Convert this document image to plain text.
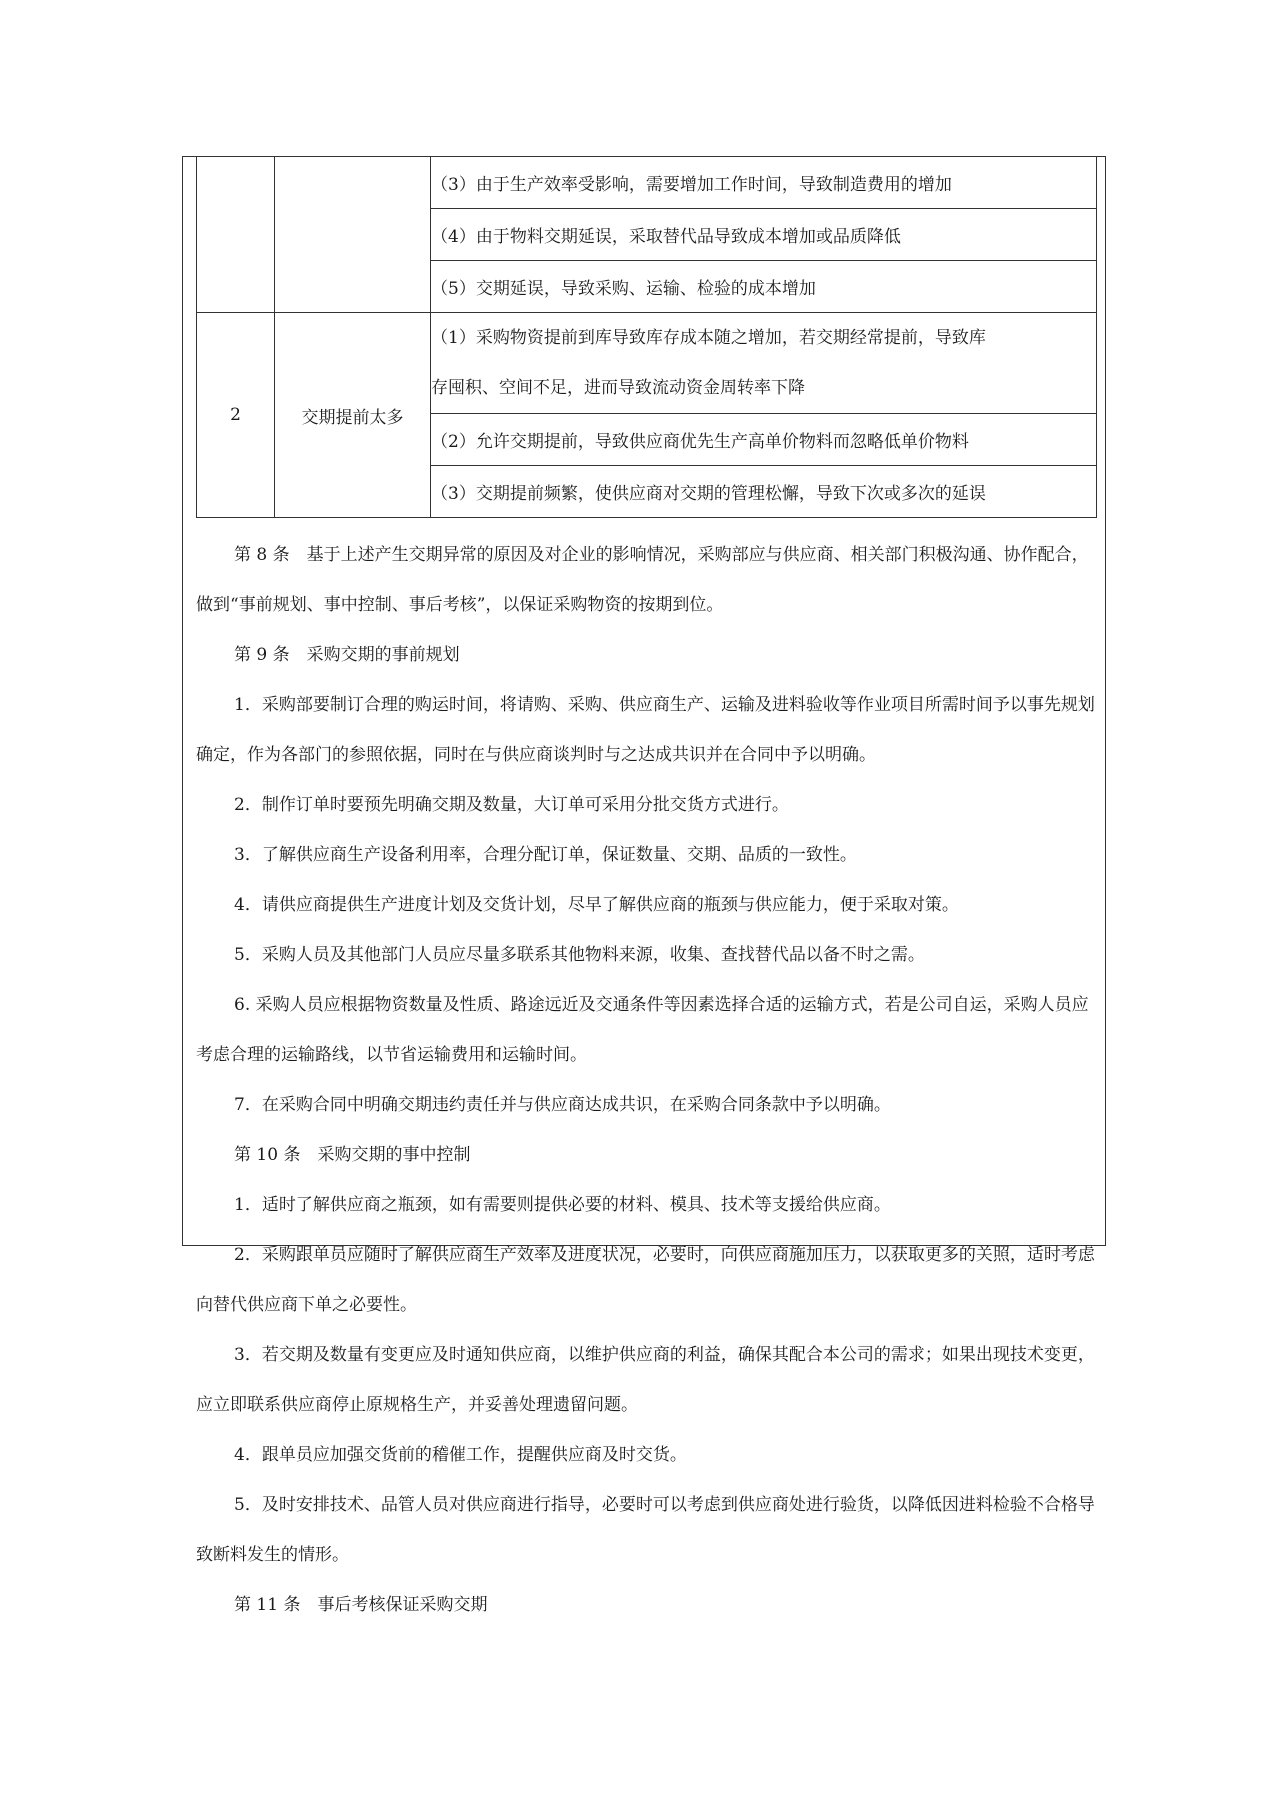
		（3）由于生产效率受影响，需要增加工作时间，导致制造费用的增加
		（4）由于物料交期延误，采取替代品导致成本增加或品质降低
		（5）交期延误，导致采购、运输、检验的成本增加
2	交期提前太多	（1）采购物资提前到库导致库存成本随之增加，若交期经常提前，导致库
存囤积、空间不足，进而导致流动资金周转率下降

		（2）允许交期提前，导致供应商优先生产高单价物料而忽略低单价物料
		（3）交期提前频繁，使供应商对交期的管理松懈，导致下次或多次的延误

第 8 条　基于上述产生交期异常的原因及对企业的影响情况，采购部应与供应商、相关部门积极沟通、协作配合，做到“事前规划、事中控制、事后考核”，以保证采购物资的按期到位。

第 9 条　采购交期的事前规划

1．采购部要制订合理的购运时间，将请购、采购、供应商生产、运输及进料验收等作业项目所需时间予以事先规划确定，作为各部门的参照依据，同时在与供应商谈判时与之达成共识并在合同中予以明确。

2．制作订单时要预先明确交期及数量，大订单可采用分批交货方式进行。

3．了解供应商生产设备利用率，合理分配订单，保证数量、交期、品质的一致性。

4．请供应商提供生产进度计划及交货计划，尽早了解供应商的瓶颈与供应能力，便于采取对策。

5．采购人员及其他部门人员应尽量多联系其他物料来源，收集、查找替代品以备不时之需。

6. 采购人员应根据物资数量及性质、路途远近及交通条件等因素选择合适的运输方式，若是公司自运，采购人员应考虑合理的运输路线，以节省运输费用和运输时间。

7．在采购合同中明确交期违约责任并与供应商达成共识，在采购合同条款中予以明确。

第 10 条　采购交期的事中控制

1．适时了解供应商之瓶颈，如有需要则提供必要的材料、模具、技术等支援给供应商。

2．采购跟单员应随时了解供应商生产效率及进度状况，必要时，向供应商施加压力，以获取更多的关照，适时考虑向替代供应商下单之必要性。

3．若交期及数量有变更应及时通知供应商，以维护供应商的利益，确保其配合本公司的需求；如果出现技术变更，应立即联系供应商停止原规格生产，并妥善处理遗留问题。

4．跟单员应加强交货前的稽催工作，提醒供应商及时交货。

5．及时安排技术、品管人员对供应商进行指导，必要时可以考虑到供应商处进行验货，以降低因进料检验不合格导致断料发生的情形。

第 11 条　事后考核保证采购交期
